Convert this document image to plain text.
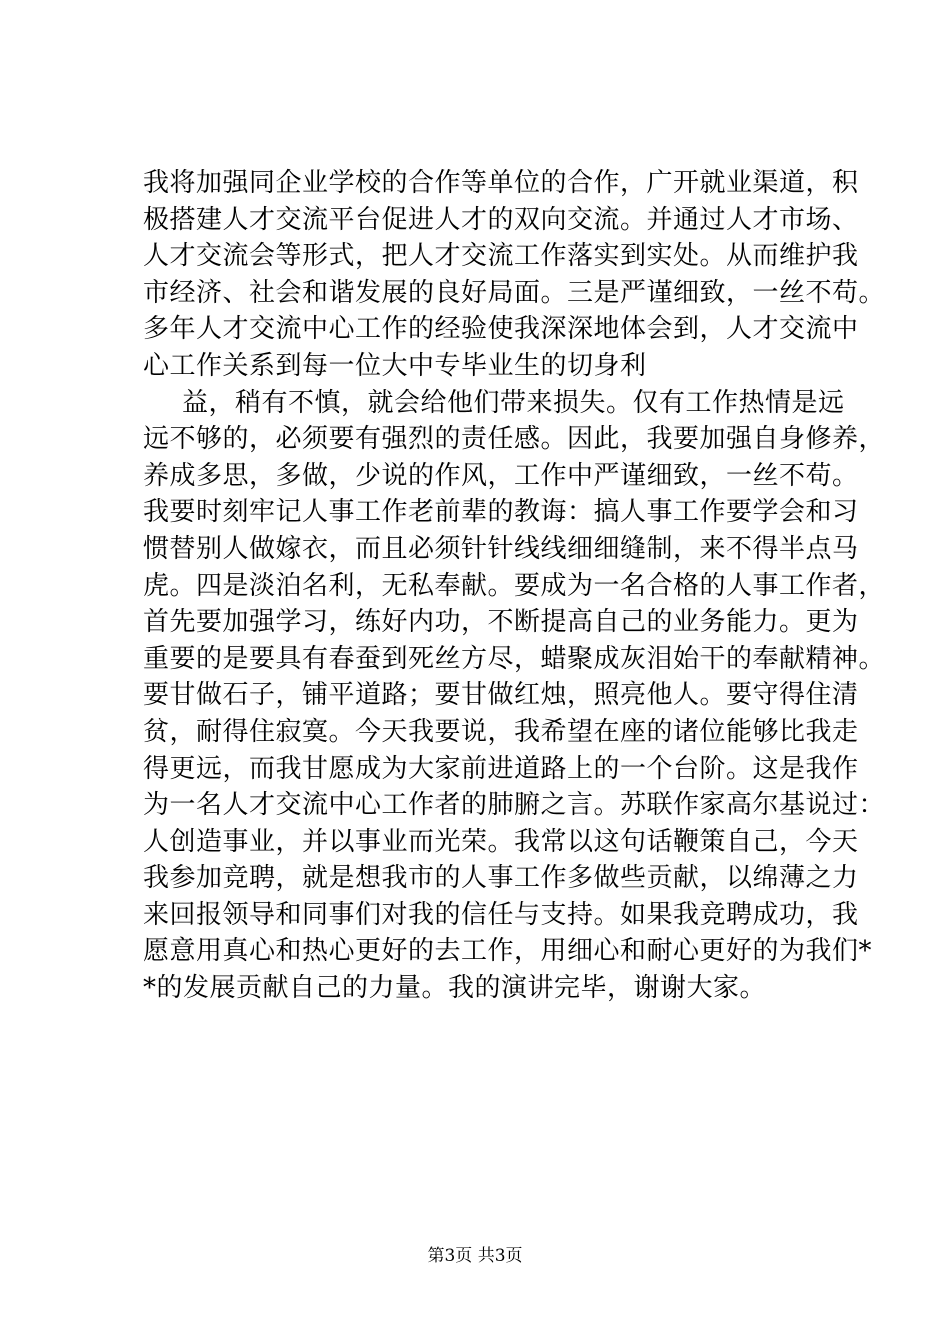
我将加强同企业学校的合作等单位的合作，广开就业渠道，积
极搭建人才交流平台促进人才的双向交流。并通过人才市场、
人才交流会等形式，把人才交流工作落实到实处。从而维护我
市经济、社会和谐发展的良好局面。三是严谨细致，一丝不苟。
多年人才交流中心工作的经验使我深深地体会到，人才交流中
心工作关系到每一位大中专毕业生的切身利
益，稍有不慎，就会给他们带来损失。仅有工作热情是远
远不够的，必须要有强烈的责任感。因此，我要加强自身修养，
养成多思，多做，少说的作风，工作中严谨细致，一丝不苟。
我要时刻牢记人事工作老前辈的教诲：搞人事工作要学会和习
惯替别人做嫁衣，而且必须针针线线细细缝制，来不得半点马
虎。四是淡泊名利，无私奉献。要成为一名合格的人事工作者，
首先要加强学习，练好内功，不断提高自己的业务能力。更为
重要的是要具有春蚕到死丝方尽，蜡聚成灰泪始干的奉献精神。
要甘做石子，铺平道路；要甘做红烛，照亮他人。要守得住清
贫，耐得住寂寞。今天我要说，我希望在座的诸位能够比我走
得更远，而我甘愿成为大家前进道路上的一个台阶。这是我作
为一名人才交流中心工作者的肺腑之言。苏联作家高尔基说过：
人创造事业，并以事业而光荣。我常以这句话鞭策自己，今天
我参加竞聘，就是想我市的人事工作多做些贡献，以绵薄之力
来回报领导和同事们对我的信任与支持。如果我竞聘成功，我
愿意用真心和热心更好的去工作，用细心和耐心更好的为我们*
*的发展贡献自己的力量。我的演讲完毕，谢谢大家。
第3页 共3页
